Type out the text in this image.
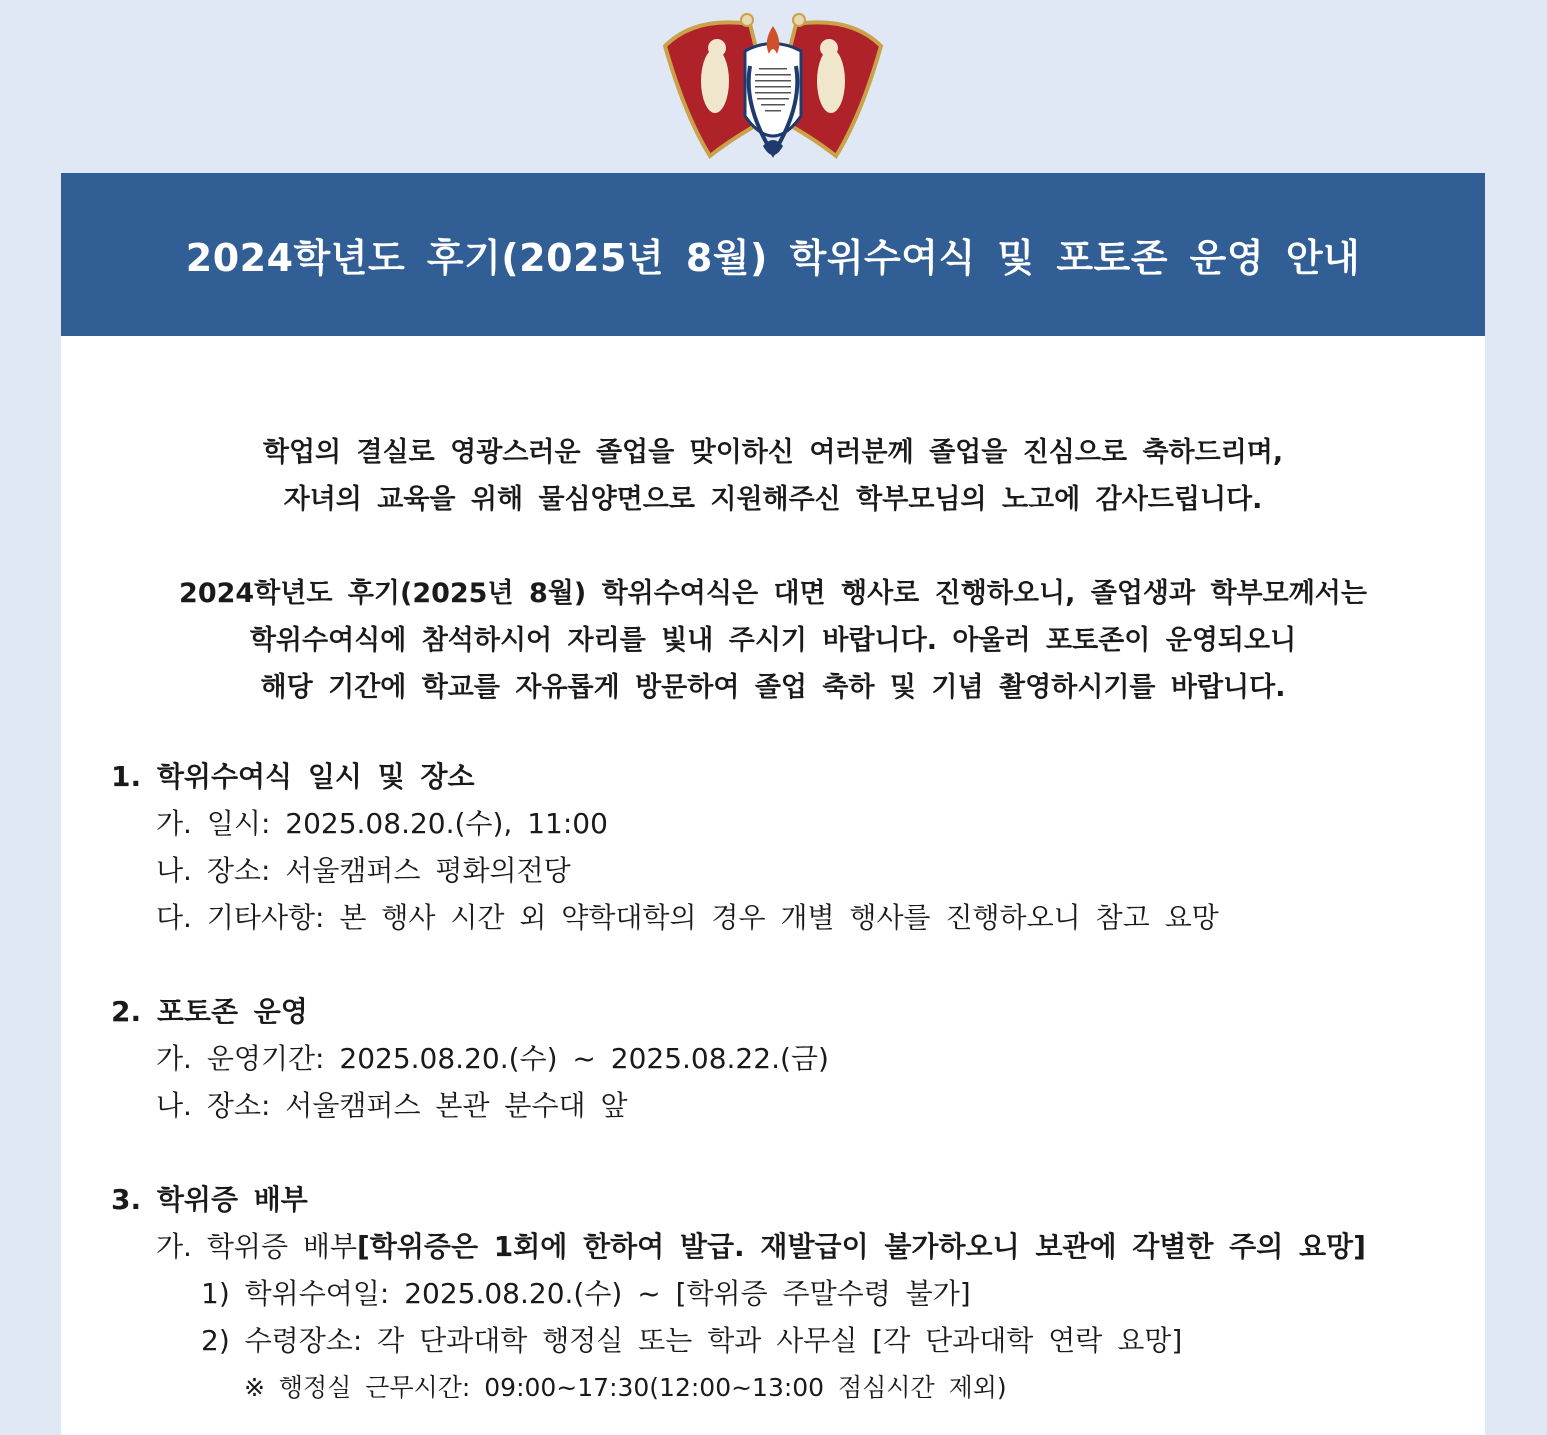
2024학년도 후기(2025년 8월) 학위수여식 및 포토존 운영 안내

학업의 결실로 영광스러운 졸업을 맞이하신 여러분께 졸업을 진심으로 축하드리며,

자녀의 교육을 위해 물심양면으로 지원해주신 학부모님의 노고에 감사드립니다.

2024학년도 후기(2025년 8월) 학위수여식은 대면 행사로 진행하오니, 졸업생과 학부모께서는

학위수여식에 참석하시어 자리를 빛내 주시기 바랍니다. 아울러 포토존이 운영되오니

해당 기간에 학교를 자유롭게 방문하여 졸업 축하 및 기념 촬영하시기를 바랍니다.

1. 학위수여식 일시 및 장소
가. 일시: 2025.08.20.(수), 11:00
나. 장소: 서울캠퍼스 평화의전당
다. 기타사항: 본 행사 시간 외 약학대학의 경우 개별 행사를 진행하오니 참고 요망
2. 포토존 운영
가. 운영기간: 2025.08.20.(수) ~ 2025.08.22.(금)
나. 장소: 서울캠퍼스 본관 분수대 앞
3. 학위증 배부
가. 학위증 배부[학위증은 1회에 한하여 발급. 재발급이 불가하오니 보관에 각별한 주의 요망]
1) 학위수여일: 2025.08.20.(수) ~ [학위증 주말수령 불가]
2) 수령장소: 각 단과대학 행정실 또는 학과 사무실 [각 단과대학 연락 요망]
※ 행정실 근무시간: 09:00~17:30(12:00~13:00 점심시간 제외)
